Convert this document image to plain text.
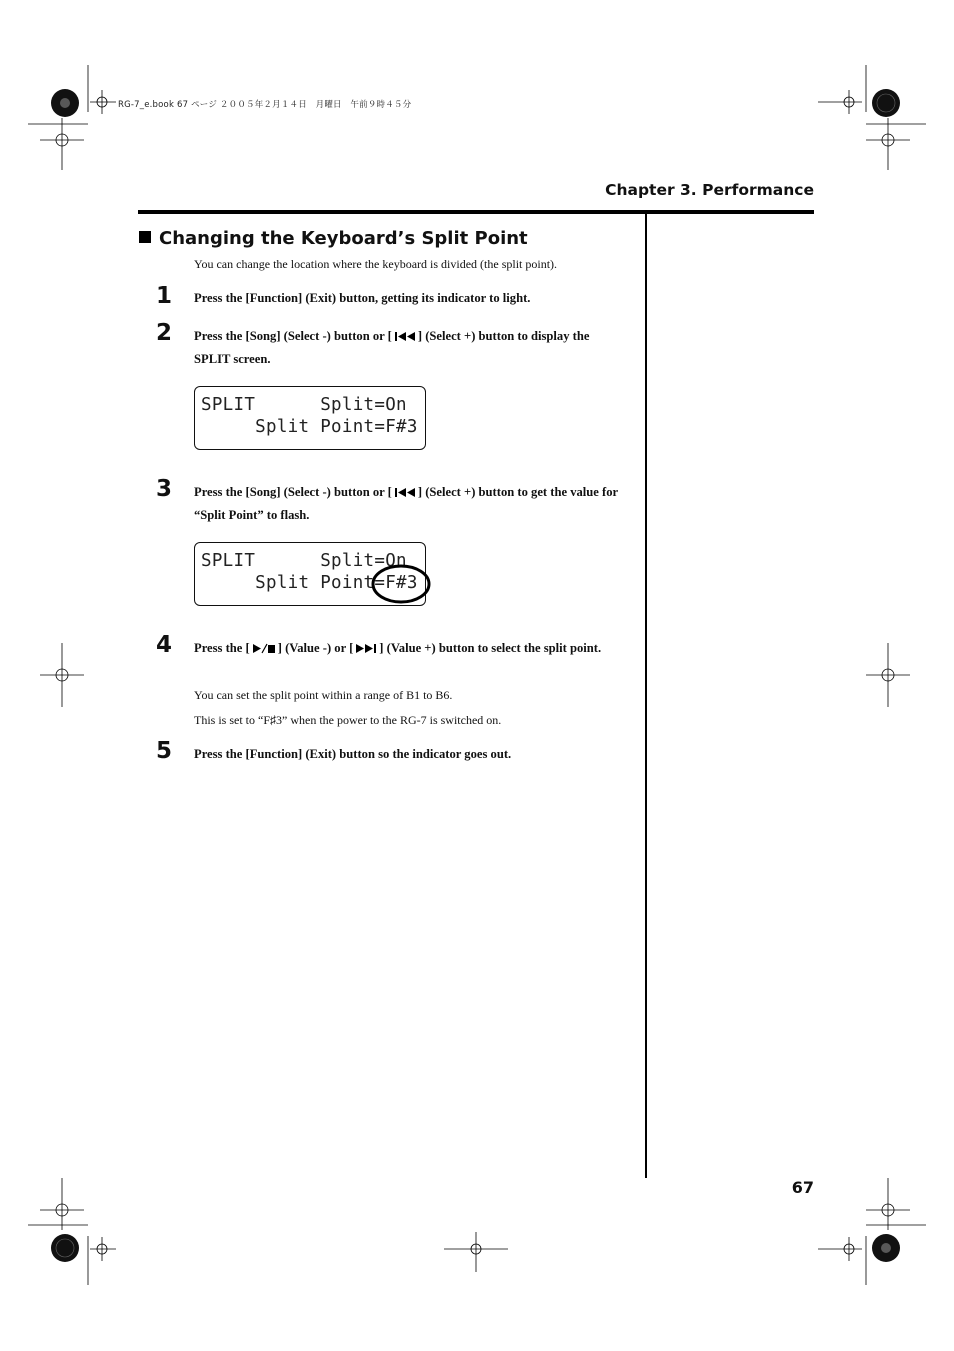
RG-7_e.book 67 ページ ２００５年２月１４日　月曜日　午前９時４５分
Chapter 3. Performance
Changing the Keyboard’s Split Point
You can change the location where the keyboard is divided (the split point).
1 Press the [Function] (Exit) button, getting its indicator to light.
2 Press the [Song] (Select -) button or [ ] (Select +) button to display the SPLIT screen.
SPLIT      Split=On
Split Point=F#3
3 Press the [Song] (Select -) button or [ ] (Select +) button to get the value for “Split Point” to flash.
SPLIT      Split=On
Split Point=F#3
4 Press the [ ] (Value -) or [ ] (Value +) button to select the split point.
You can set the split point within a range of B1 to B6.
This is set to “F♯3” when the power to the RG-7 is switched on.
5 Press the [Function] (Exit) button so the indicator goes out.
67
